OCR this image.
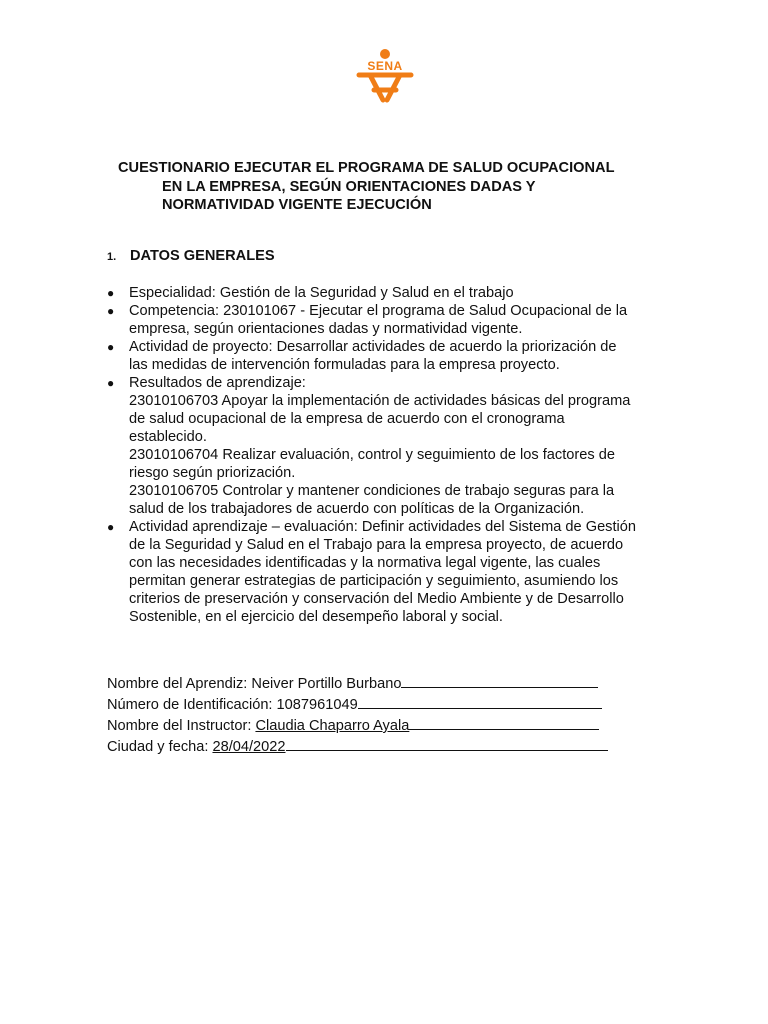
SENA
CUESTIONARIO EJECUTAR EL PROGRAMA DE SALUD OCUPACIONAL
EN LA EMPRESA, SEGÚN ORIENTACIONES DADAS Y
NORMATIVIDAD VIGENTE EJECUCIÓN
1. DATOS GENERALES
● Especialidad: Gestión de la Seguridad y Salud en el trabajo
● Competencia: 230101067 - Ejecutar el programa de Salud Ocupacional de la
empresa, según orientaciones dadas y normatividad vigente.
● Actividad de proyecto: Desarrollar actividades de acuerdo la priorización de
las medidas de intervención formuladas para la empresa proyecto.
● Resultados de aprendizaje:
23010106703 Apoyar la implementación de actividades básicas del programa
de salud ocupacional de la empresa de acuerdo con el cronograma
establecido.
23010106704 Realizar evaluación, control y seguimiento de los factores de
riesgo según priorización.
23010106705 Controlar y mantener condiciones de trabajo seguras para la
salud de los trabajadores de acuerdo con políticas de la Organización.
● Actividad aprendizaje – evaluación: Definir actividades del Sistema de Gestión
de la Seguridad y Salud en el Trabajo para la empresa proyecto, de acuerdo
con las necesidades identificadas y la normativa legal vigente, las cuales
permitan generar estrategias de participación y seguimiento, asumiendo los
criterios de preservación y conservación del Medio Ambiente y de Desarrollo
Sostenible, en el ejercicio del desempeño laboral y social.
Nombre del Aprendiz: Neiver Portillo Burbano
Número de Identificación: 1087961049
Nombre del Instructor: Claudia Chaparro Ayala
Ciudad y fecha: 28/04/2022
